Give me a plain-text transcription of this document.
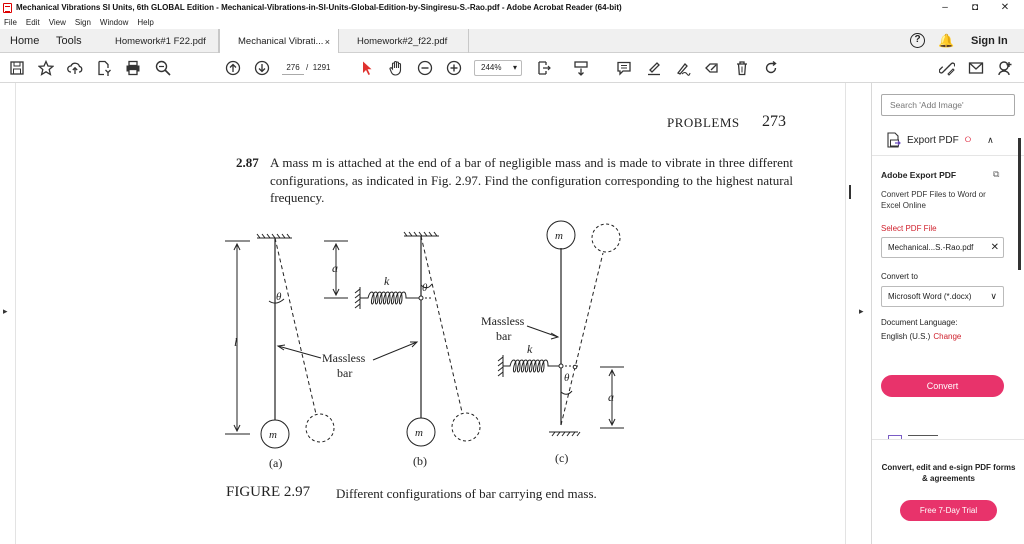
Mechanical Vibrations SI Units, 6th GLOBAL Edition - Mechanical-Vibrations-in-SI-Units-Global-Edition-by-Singiresu-S.-Rao.pdf - Adobe Acrobat Reader (64-bit)	–	◘	✕
File Edit View Sign Window Help
Home Tools	Homework#1 F22.pdf	Mechanical Vibrati... ×	Homework#2_f22.pdf	?	🔔 Sign In
276 / 1291	244% ▾
▸	▸
PROBLEMS 273
2.87 A mass m is attached at the end of a bar of negligible mass and is made to vibrate in three different configurations, as indicated in Fig. 2.97. Find the configuration corresponding to the highest natural frequency.
l
θ
m
Massless
bar
(a)
a
k	θ
m
(b)
m
Massless
bar
k
θ
a
(c)
FIGURE 2.97 Different configurations of bar carrying end mass.
Search 'Add Image'
Export PDF ⭘ ∧
Adobe Export PDF	⧉
Convert PDF Files to Word or Excel Online
Select PDF File
Mechanical...S.-Rao.pdf ✕
Convert to
Microsoft Word (*.docx) ∨
Document Language:
English (U.S.) Change
Convert
Convert, edit and e-sign PDF forms & agreements
Free 7-Day Trial
